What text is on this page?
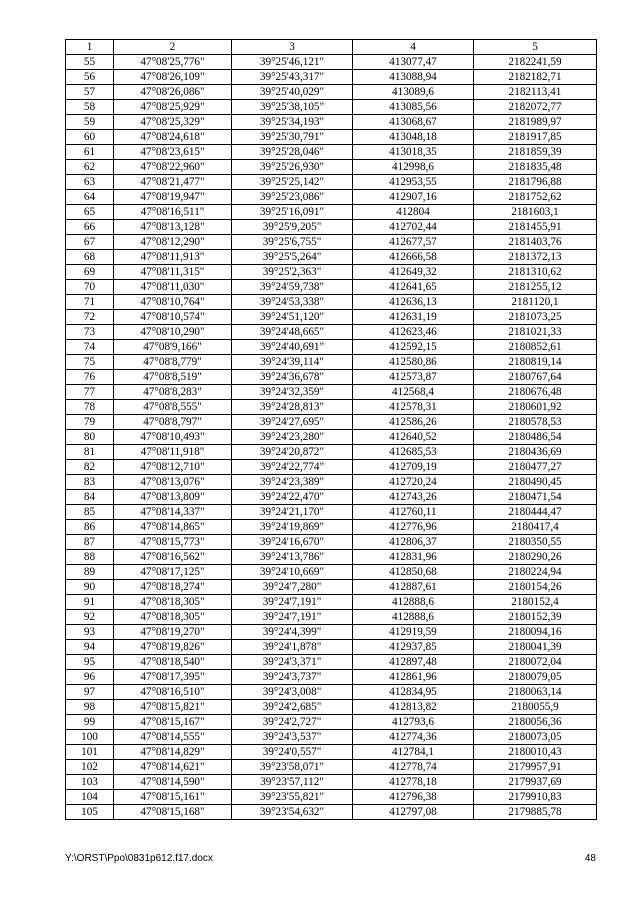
1	2	3	4	5
55	47°08'25,776"	39°25'46,121"	413077,47	2182241,59
56	47°08'26,109"	39°25'43,317"	413088,94	2182182,71
57	47°08'26,086"	39°25'40,029"	413089,6	2182113,41
58	47°08'25,929"	39°25'38,105"	413085,56	2182072,77
59	47°08'25,329"	39°25'34,193"	413068,67	2181989,97
60	47°08'24,618"	39°25'30,791"	413048,18	2181917,85
61	47°08'23,615"	39°25'28,046"	413018,35	2181859,39
62	47°08'22,960"	39°25'26,930"	412998,6	2181835,48
63	47°08'21,477"	39°25'25,142"	412953,55	2181796,88
64	47°08'19,947"	39°25'23,086"	412907,16	2181752,62
65	47°08'16,511"	39°25'16,091"	412804	2181603,1
66	47°08'13,128"	39°25'9,205"	412702,44	2181455,91
67	47°08'12,290"	39°25'6,755"	412677,57	2181403,76
68	47°08'11,913"	39°25'5,264"	412666,58	2181372,13
69	47°08'11,315"	39°25'2,363"	412649,32	2181310,62
70	47°08'11,030"	39°24'59,738"	412641,65	2181255,12
71	47°08'10,764"	39°24'53,338"	412636,13	2181120,1
72	47°08'10,574"	39°24'51,120"	412631,19	2181073,25
73	47°08'10,290"	39°24'48,665"	412623,46	2181021,33
74	47°08'9,166"	39°24'40,691"	412592,15	2180852,61
75	47°08'8,779"	39°24'39,114"	412580,86	2180819,14
76	47°08'8,519"	39°24'36,678"	412573,87	2180767,64
77	47°08'8,283"	39°24'32,359"	412568,4	2180676,48
78	47°08'8,555"	39°24'28,813"	412578,31	2180601,92
79	47°08'8,797"	39°24'27,695"	412586,26	2180578,53
80	47°08'10,493"	39°24'23,280"	412640,52	2180486,54
81	47°08'11,918"	39°24'20,872"	412685,53	2180436,69
82	47°08'12,710"	39°24'22,774"	412709,19	2180477,27
83	47°08'13,076"	39°24'23,389"	412720,24	2180490,45
84	47°08'13,809"	39°24'22,470"	412743,26	2180471,54
85	47°08'14,337"	39°24'21,170"	412760,11	2180444,47
86	47°08'14,865"	39°24'19,869"	412776,96	2180417,4
87	47°08'15,773"	39°24'16,670"	412806,37	2180350,55
88	47°08'16,562"	39°24'13,786"	412831,96	2180290,26
89	47°08'17,125"	39°24'10,669"	412850,68	2180224,94
90	47°08'18,274"	39°24'7,280"	412887,61	2180154,26
91	47°08'18,305"	39°24'7,191"	412888,6	2180152,4
92	47°08'18,305"	39°24'7,191"	412888,6	2180152,39
93	47°08'19,270"	39°24'4,399"	412919,59	2180094,16
94	47°08'19,826"	39°24'1,878"	412937,85	2180041,39
95	47°08'18,540"	39°24'3,371"	412897,48	2180072,04
96	47°08'17,395"	39°24'3,737"	412861,96	2180079,05
97	47°08'16,510"	39°24'3,008"	412834,95	2180063,14
98	47°08'15,821"	39°24'2,685"	412813,82	2180055,9
99	47°08'15,167"	39°24'2,727"	412793,6	2180056,36
100	47°08'14,555"	39°24'3,537"	412774,36	2180073,05
101	47°08'14,829"	39°24'0,557"	412784,1	2180010,43
102	47°08'14,621"	39°23'58,071"	412778,74	2179957,91
103	47°08'14,590"	39°23'57,112"	412778,18	2179937,69
104	47°08'15,161"	39°23'55,821"	412796,38	2179910,83
105	47°08'15,168"	39°23'54,632"	412797,08	2179885,78
Y:\ORST\Ppo\0831p612.f17.docx	48
